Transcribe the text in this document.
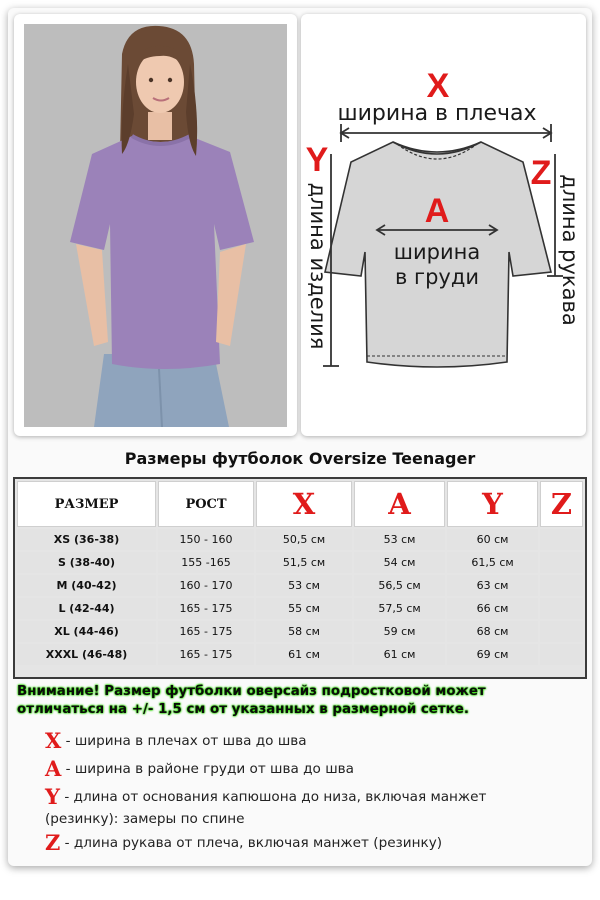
X
ширина в плечах
A
ширина
в груди
Y
длина изделия
Z
длина рукава
Размеры футболок Oversize Teenager
РАЗМЕР	РОСТ	X	A	Y	Z
XS (36-38)	150 - 160	50,5 см	53 см	60 см	
S (38-40)	155 -165	51,5 см	54 см	61,5 см	
M (40-42)	160 - 170	53 см	56,5 см	63 см	
L (42-44)	165 - 175	55 см	57,5 см	66 см	
XL (44-46)	165 - 175	58 см	59 см	68 см	
XXXL (46-48)	165 - 175	61 см	61 см	69 см	
Внимание! Размер футболки оверсайз подростковой может
отличаться на +/- 1,5 см от указанных в размерной сетке.
X - ширина в плечах от шва до шва
A - ширина в районе груди от шва до шва
Y - длина от основания капюшона до низа, включая манжет
(резинку): замеры по спине
Z - длина рукава от плеча, включая манжет (резинку)
